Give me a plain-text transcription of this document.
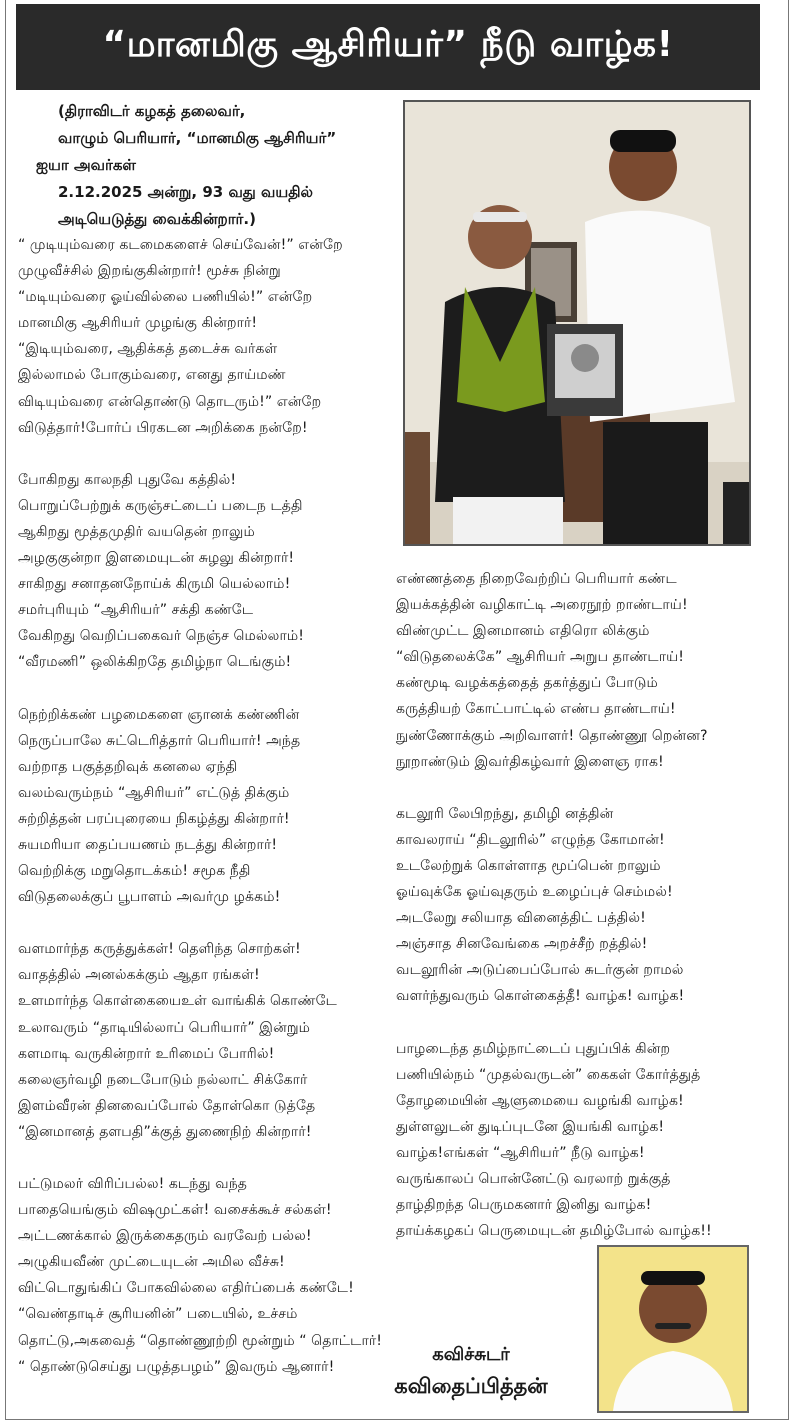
“மானமிகு ஆசிரியர்” நீடு வாழ்க!
(திராவிடர் கழகத் தலைவர்,
வாழும் பெரியார், “மானமிகு ஆசிரியர்”
ஐயா அவர்கள்
2.12.2025 அன்று, 93 வது வயதில்
அடியெடுத்து வைக்கின்றார்.)
“ முடியும்வரை கடமைகளைச் செய்வேன்!” என்றே
முழுவீச்சில் இறங்குகின்றார்! மூச்சு நின்று
“மடியும்வரை ஓய்வில்லை பணியில்!” என்றே
மானமிகு ஆசிரியர் முழங்கு கின்றார்!
“இடியும்வரை, ஆதிக்கத் தடைச்சு வர்கள்
இல்லாமல் போகும்வரை, எனது தாய்மண்
விடியும்வரை என்தொண்டு தொடரும்!” என்றே
விடுத்தார்!போர்ப் பிரகடன அறிக்கை நன்றே!
போகிறது காலநதி புதுவே கத்தில்!
பொறுப்பேற்றுக் கருஞ்சட்டைப் படைந டத்தி
ஆகிறது மூத்தமுதிர் வயதென் றாலும்
அழகுகுன்றா இளமையுடன் சுழலு கின்றார்!
சாகிறது சனாதனநோய்க் கிருமி யெல்லாம்!
சமர்புரியும் “ஆசிரியர்” சக்தி கண்டே
வேகிறது வெறிப்பகைவர் நெஞ்ச மெல்லாம்!
“வீரமணி” ஒலிக்கிறதே தமிழ்நா டெங்கும்!
நெற்றிக்கண் பழமைகளை ஞானக் கண்ணின்
நெருப்பாலே சுட்டெரித்தார் பெரியார்! அந்த
வற்றாத பகுத்தறிவுக் கனலை ஏந்தி
வலம்வரும்நம் “ஆசிரியர்” எட்டுத் திக்கும்
சுற்றித்தன் பரப்புரையை நிகழ்த்து கின்றார்!
சுயமரியா தைப்பயணம் நடத்து கின்றார்!
வெற்றிக்கு மறுதொடக்கம்! சமூக நீதி
விடுதலைக்குப் பூபாளம் அவர்மு ழக்கம்!
வளமார்ந்த கருத்துக்கள்! தெளிந்த சொற்கள்!
வாதத்தில் அனல்கக்கும் ஆதா ரங்கள்!
உளமார்ந்த கொள்கையைஉள் வாங்கிக் கொண்டே
உலாவரும் “தாடியில்லாப் பெரியார்” இன்றும்
களமாடி வருகின்றார் உரிமைப் போரில்!
கலைஞர்வழி நடைபோடும் நல்லாட் சிக்கோர்
இளம்வீரன் தினவைப்போல் தோள்கொ டுத்தே
“இனமானத் தளபதி”க்குத் துணைநிற் கின்றார்!
பட்டுமலர் விரிப்பல்ல! கடந்து வந்த
பாதையெங்கும் விஷமுட்கள்! வசைக்கூச் சல்கள்!
அட்டணக்கால் இருக்கைதரும் வரவேற் பல்ல!
அழுகியவீண் முட்டையுடன் அமில வீச்சு!
விட்டொதுங்கிப் போகவில்லை எதிர்ப்பைக் கண்டே!
“வெண்தாடிச் சூரியனின்” படையில், உச்சம்
தொட்டு,அகவைத் “தொண்ணூற்றி மூன்றும் “ தொட்டார்!
“ தொண்டுசெய்து பழுத்தபழம்” இவரும் ஆனார்!
எண்ணத்தை நிறைவேற்றிப் பெரியார் கண்ட
இயக்கத்தின் வழிகாட்டி அரைநூற் றாண்டாய்!
விண்முட்ட இனமானம் எதிரொ லிக்கும்
“விடுதலைக்கே” ஆசிரியர் அறுப தாண்டாய்!
கண்மூடி வழக்கத்தைத் தகர்த்துப் போடும்
கருத்தியற் கோட்பாட்டில் எண்ப தாண்டாய்!
நுண்ணோக்கும் அறிவாளர்! தொண்ணூ றென்ன?
நூறாண்டும் இவர்திகழ்வார் இளைஞ ராக!
கடலூரி லேபிறந்து, தமிழி னத்தின்
காவலராய் “திடலூரில்” எழுந்த கோமான்!
உடலேற்றுக் கொள்ளாத மூப்பென் றாலும்
ஓய்வுக்கே ஓய்வுதரும் உழைப்புச் செம்மல்!
அடலேறு சலியாத வினைத்திட் பத்தில்!
அஞ்சாத சினவேங்கை அறச்சீற் றத்தில்!
வடலூரின் அடுப்பைப்போல் சுடர்குன் றாமல்
வளர்ந்துவரும் கொள்கைத்தீ! வாழ்க! வாழ்க!
பாழடைந்த தமிழ்நாட்டைப் புதுப்பிக் கின்ற
பணியில்நம் “முதல்வருடன்” கைகள் கோர்த்துத்
தோழமையின் ஆளுமையை வழங்கி வாழ்க!
துள்ளலுடன் துடிப்புடனே இயங்கி வாழ்க!
வாழ்க!எங்கள் “ஆசிரியர்” நீடு வாழ்க!
வருங்காலப் பொன்னேட்டு வரலாற் றுக்குத்
தாழ்திறந்த பெருமகனார் இனிது வாழ்க!
தாய்க்கழகப் பெருமையுடன் தமிழ்போல் வாழ்க!!
கவிச்சுடர்
கவிதைப்பித்தன்
